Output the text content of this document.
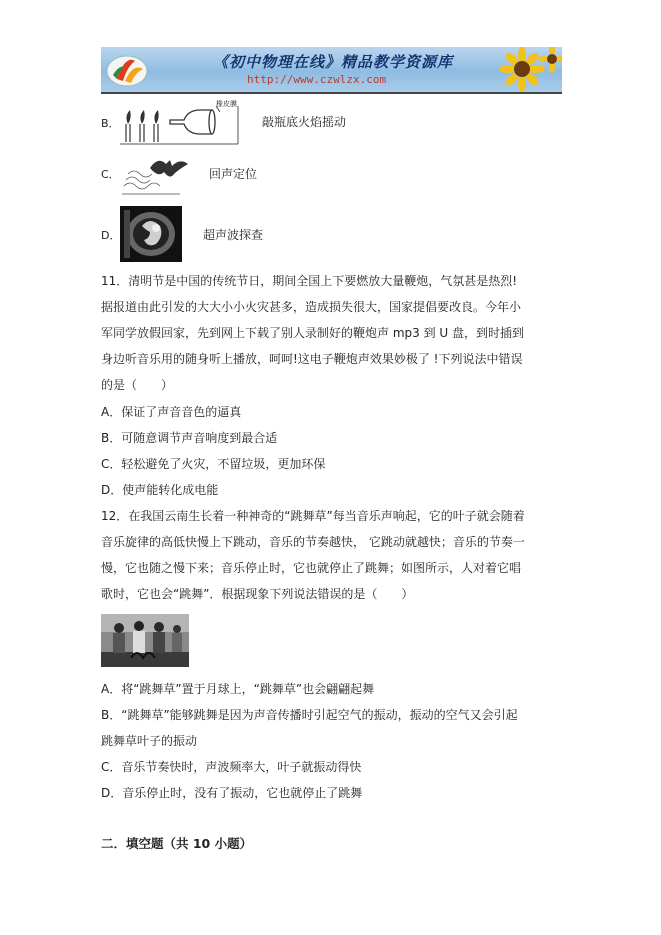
《初中物理在线》精品教学资源库
http://www.czwlzx.com
B．
橡皮膜
敲瓶底火焰摇动
C．	回声定位
D．	超声波探查
11．清明节是中国的传统节日，期间全国上下要燃放大量鞭炮，气氛甚是热烈!
据报道由此引发的大大小小火灾甚多，造成损失很大，国家提倡要改良。今年小
军同学放假回家，先到网上下载了别人录制好的鞭炮声 mp3 到 U 盘，到时插到
身边听音乐用的随身听上播放，呵呵!这电子鞭炮声效果妙极了 !下列说法中错误
的是（　　）
A．保证了声音音色的逼真
B．可随意调节声音响度到最合适
C．轻松避免了火灾，不留垃圾，更加环保
D．使声能转化成电能
12．在我国云南生长着一种神奇的“跳舞草”每当音乐声响起，它的叶子就会随着
音乐旋律的高低快慢上下跳动，音乐的节奏越快， 它跳动就越快；音乐的节奏一
慢，它也随之慢下来；音乐停止时，它也就停止了跳舞；如图所示，人对着它唱
歌时，它也会“跳舞”．根据现象下列说法错误的是（　　）
A．将“跳舞草”置于月球上，“跳舞草”也会翩翩起舞
B．“跳舞草”能够跳舞是因为声音传播时引起空气的振动，振动的空气又会引起
跳舞草叶子的振动
C．音乐节奏快时，声波频率大，叶子就振动得快
D．音乐停止时，没有了振动，它也就停止了跳舞
二．填空题（共 10 小题）
